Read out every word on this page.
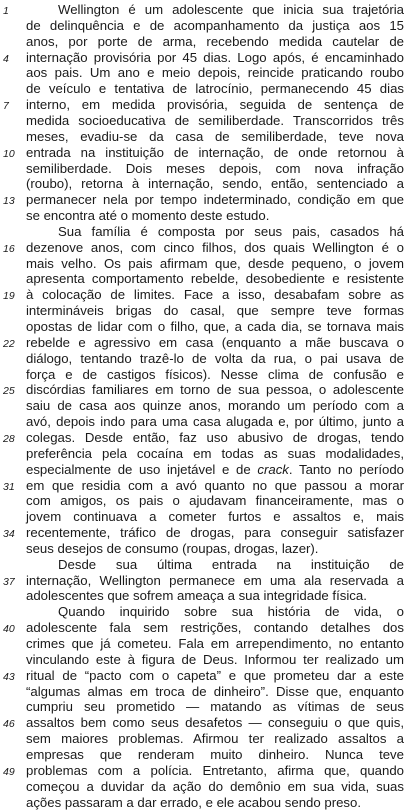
Wellington é um adolescente que inicia sua trajetória
1
de delinquência e de acompanhamento da justiça aos 15
anos, por porte de arma, recebendo medida cautelar de
internação provisória por 45 dias. Logo após, é encaminhado
4
aos pais. Um ano e meio depois, reincide praticando roubo
de veículo e tentativa de latrocínio, permanecendo 45 dias
interno, em medida provisória, seguida de sentença de
7
medida socioeducativa de semiliberdade. Transcorridos três
meses, evadiu-se da casa de semiliberdade, teve nova
entrada na instituição de internação, de onde retornou à
10
semiliberdade. Dois meses depois, com nova infração
(roubo), retorna à internação, sendo, então, sentenciado a
permanecer nela por tempo indeterminado, condição em que
13
se encontra até o momento deste estudo.
Sua família é composta por seus pais, casados há
dezenove anos, com cinco filhos, dos quais Wellington é o
16
mais velho. Os pais afirmam que, desde pequeno, o jovem
apresenta comportamento rebelde, desobediente e resistente
à colocação de limites. Face a isso, desabafam sobre as
19
intermináveis brigas do casal, que sempre teve formas
opostas de lidar com o filho, que, a cada dia, se tornava mais
rebelde e agressivo em casa (enquanto a mãe buscava o
22
diálogo, tentando trazê-lo de volta da rua, o pai usava de
força e de castigos físicos). Nesse clima de confusão e
discórdias familiares em torno de sua pessoa, o adolescente
25
saiu de casa aos quinze anos, morando um período com a
avó, depois indo para uma casa alugada e, por último, junto a
colegas. Desde então, faz uso abusivo de drogas, tendo
28
preferência pela cocaína em todas as suas modalidades,
especialmente de uso injetável e de crack. Tanto no período
em que residia com a avó quanto no que passou a morar
31
com amigos, os pais o ajudavam financeiramente, mas o
jovem continuava a cometer furtos e assaltos e, mais
recentemente, tráfico de drogas, para conseguir satisfazer
34
seus desejos de consumo (roupas, drogas, lazer).
Desde sua última entrada na instituição de
internação, Wellington permanece em uma ala reservada a
37
adolescentes que sofrem ameaça a sua integridade física.
Quando inquirido sobre sua história de vida, o
adolescente fala sem restrições, contando detalhes dos
40
crimes que já cometeu. Fala em arrependimento, no entanto
vinculando este à figura de Deus. Informou ter realizado um
ritual de “pacto com o capeta” e que prometeu dar a este
43
“algumas almas em troca de dinheiro”. Disse que, enquanto
cumpriu seu prometido — matando as vítimas de seus
assaltos bem como seus desafetos — conseguiu o que quis,
46
sem maiores problemas. Afirmou ter realizado assaltos a
empresas que renderam muito dinheiro. Nunca teve
problemas com a polícia. Entretanto, afirma que, quando
49
começou a duvidar da ação do demônio em sua vida, suas
ações passaram a dar errado, e ele acabou sendo preso.
